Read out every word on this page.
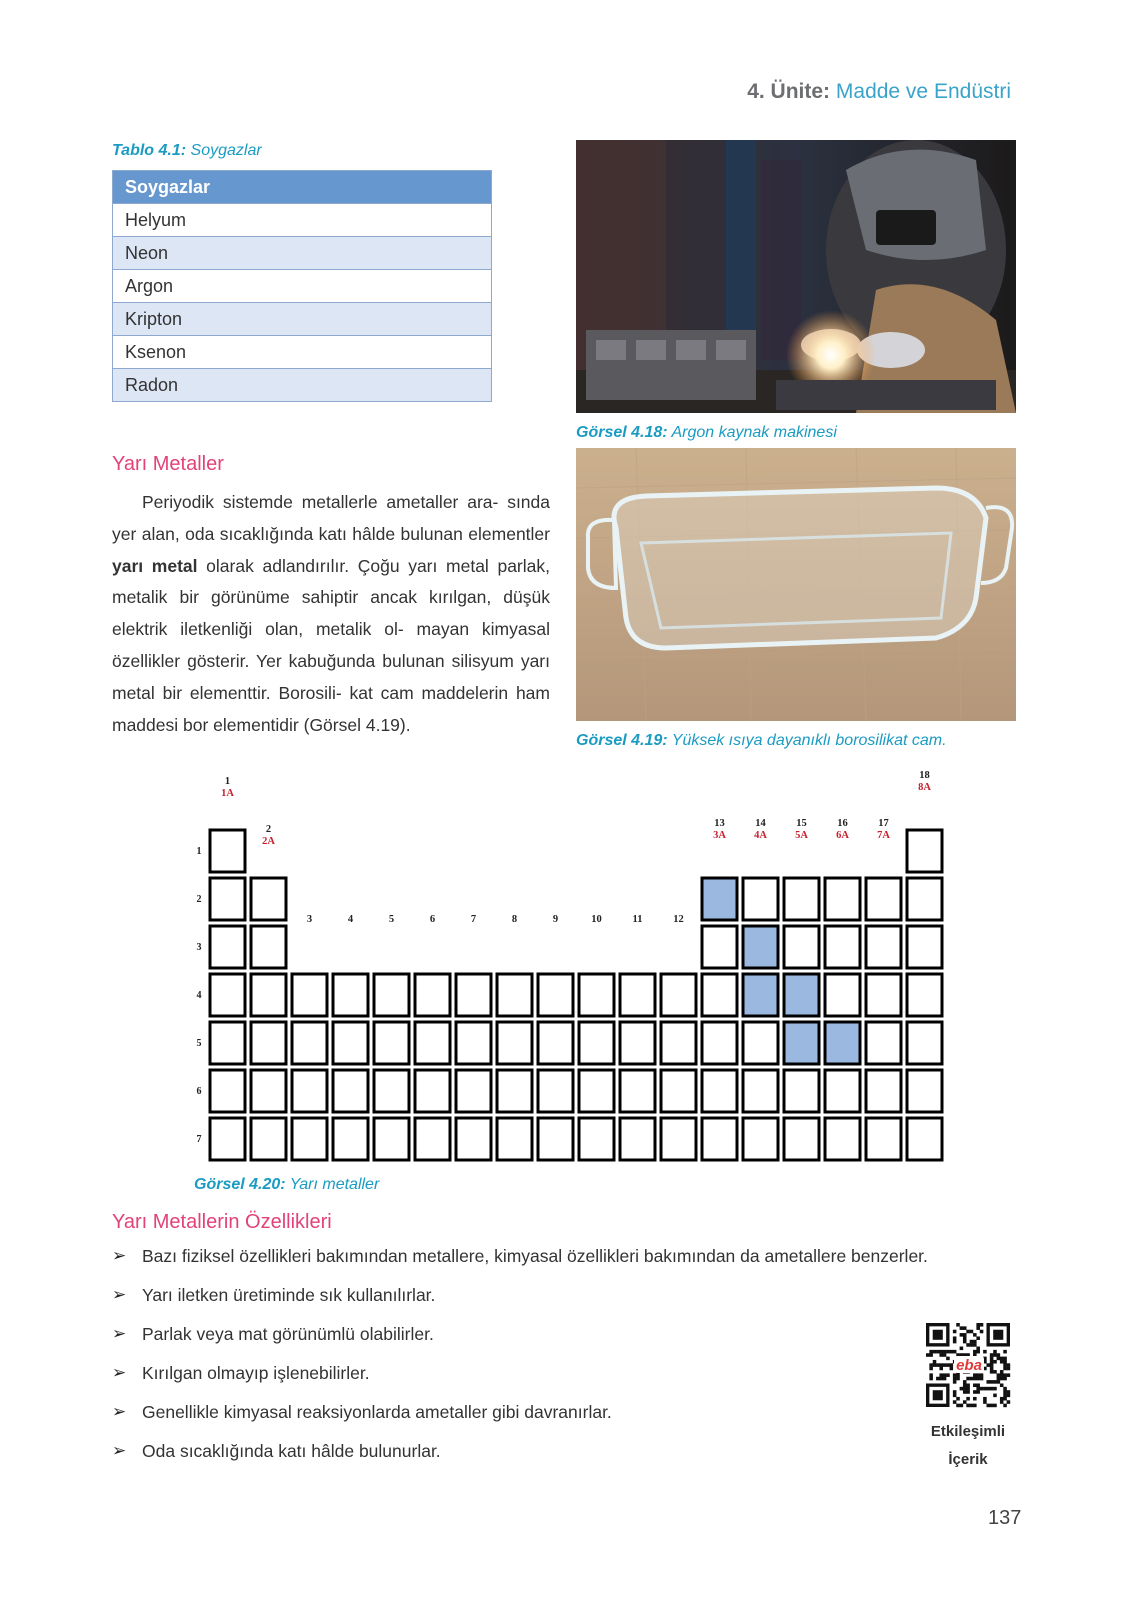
4. Ünite: Madde ve Endüstri
Tablo 4.1: Soygazlar
Soygazlar
Helyum
Neon
Argon
Kripton
Ksenon
Radon
Görsel 4.18: Argon kaynak makinesi
Görsel 4.19: Yüksek ısıya dayanıklı borosilikat cam.
Yarı Metaller
Periyodik sistemde metallerle ametaller ara- sında yer alan, oda sıcaklığında katı hâlde bulunan elementler yarı metal olarak adlandırılır. Çoğu yarı metal parlak, metalik bir görünüme sahiptir ancak kırılgan, düşük elektrik iletkenliği olan, metalik ol- mayan kimyasal özellikler gösterir. Yer kabuğunda bulunan silisyum yarı metal bir elementtir. Borosili- kat cam maddelerin ham maddesi bor elementidir (Görsel 4.19).
1
2
3
4
5
6
7
1
1A
18
8A
2
2A
13
3A
14
4A
15
5A
16
6A
17
7A
3	4	5	6	7	8	9	10	11	12
Görsel 4.20: Yarı metaller
Yarı Metallerin Özellikleri
➢ Bazı fiziksel özellikleri bakımından metallere, kimyasal özellikleri bakımından da ametallere benzerler.
➢ Yarı iletken üretiminde sık kullanılırlar.
➢ Parlak veya mat görünümlü olabilirler.
➢ Kırılgan olmayıp işlenebilirler.
➢ Genellikle kimyasal reaksiyonlarda ametaller gibi davranırlar.
➢ Oda sıcaklığında katı hâlde bulunurlar.
eba
Etkileşimli
İçerik
137
